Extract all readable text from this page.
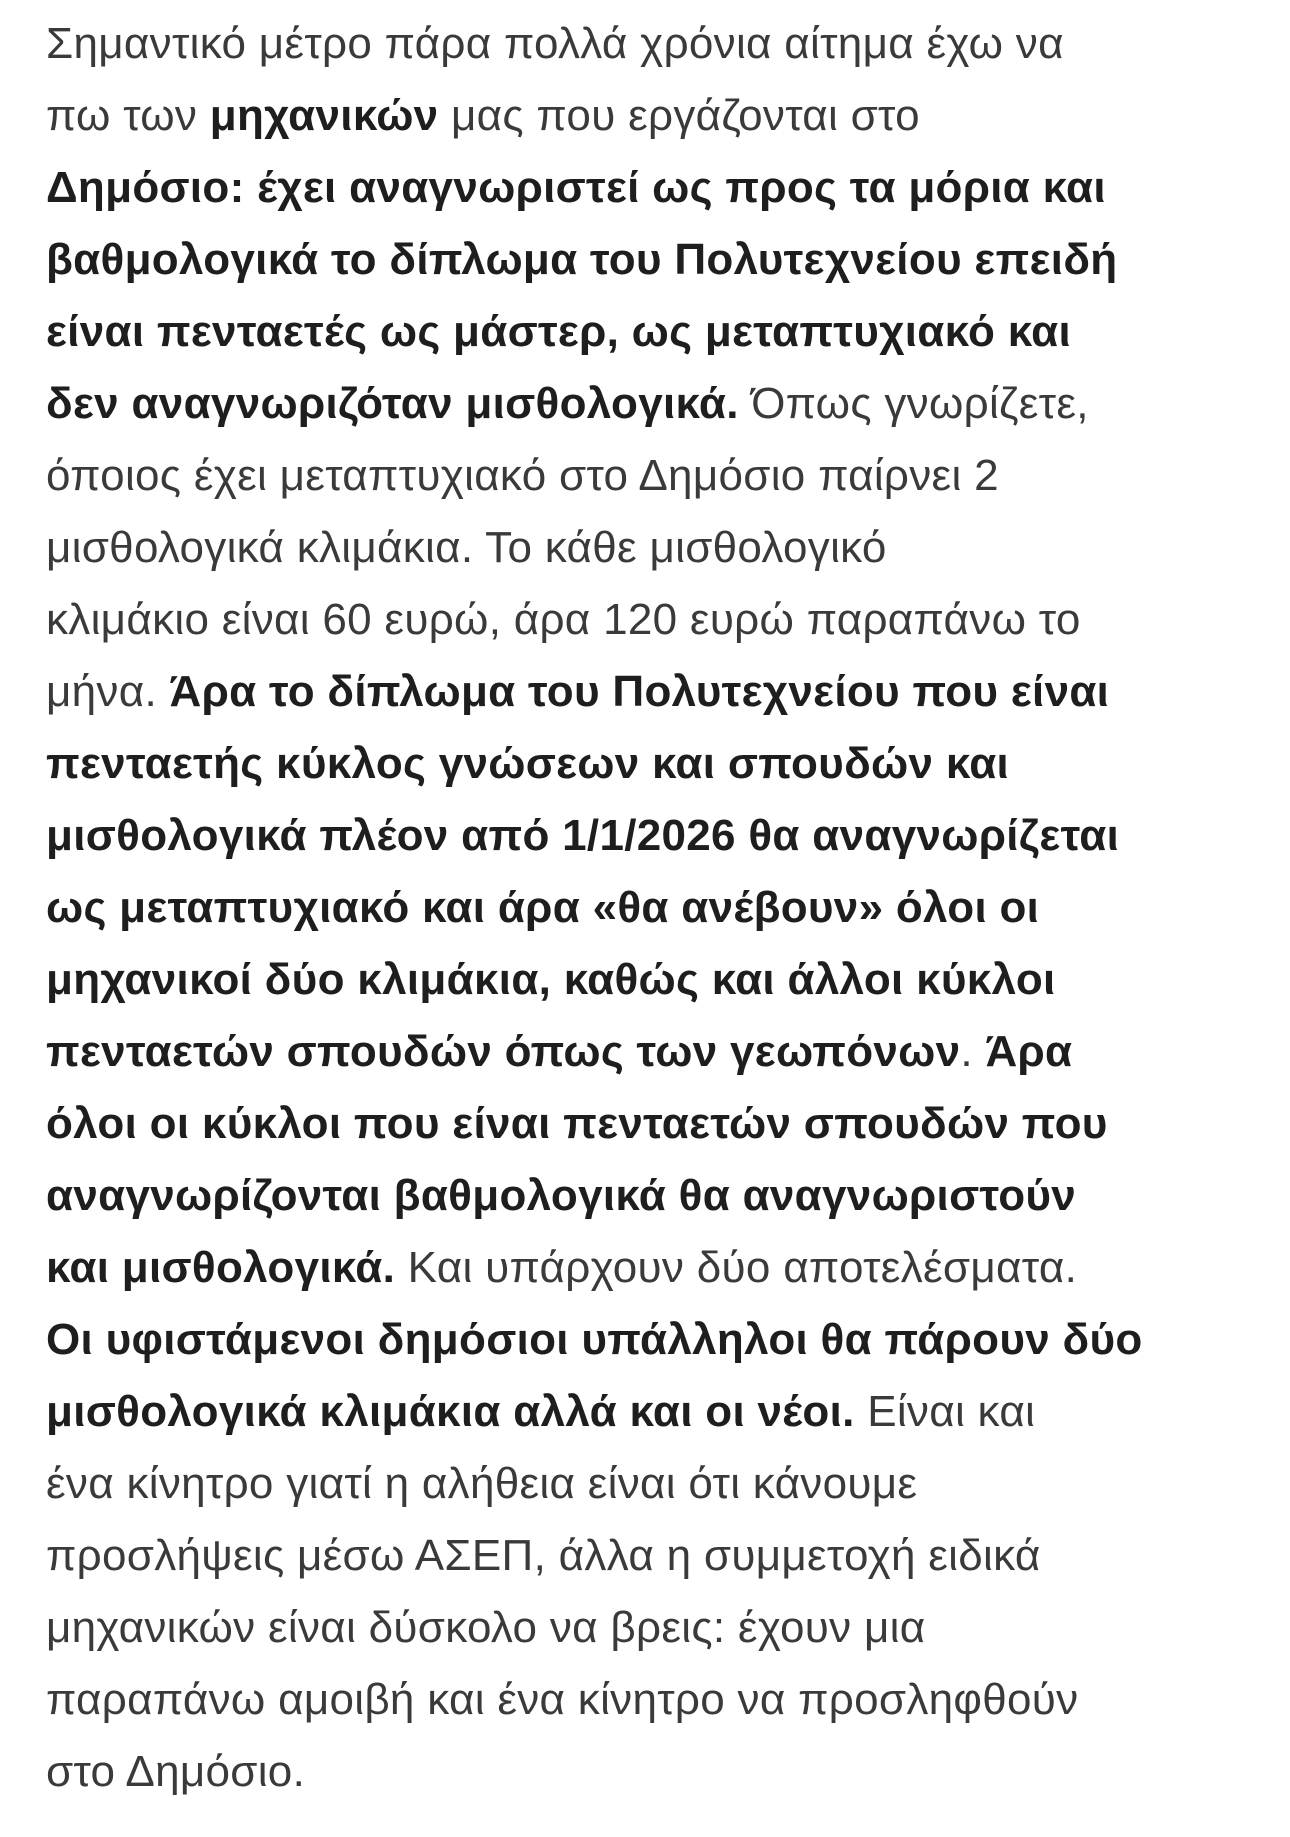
Σημαντικό μέτρο πάρα πολλά χρόνια αίτημα έχω να
πω των μηχανικών μας που εργάζονται στο
Δημόσιο: έχει αναγνωριστεί ως προς τα μόρια και
βαθμολογικά το δίπλωμα του Πολυτεχνείου επειδή
είναι πενταετές ως μάστερ, ως μεταπτυχιακό και
δεν αναγνωριζόταν μισθολογικά. Όπως γνωρίζετε,
όποιος έχει μεταπτυχιακό στο Δημόσιο παίρνει 2
μισθολογικά κλιμάκια. Το κάθε μισθολογικό
κλιμάκιο είναι 60 ευρώ, άρα 120 ευρώ παραπάνω το
μήνα. Άρα το δίπλωμα του Πολυτεχνείου που είναι
πενταετής κύκλος γνώσεων και σπουδών και
μισθολογικά πλέον από 1/1/2026 θα αναγνωρίζεται
ως μεταπτυχιακό και άρα «θα ανέβουν» όλοι οι
μηχανικοί δύο κλιμάκια, καθώς και άλλοι κύκλοι
πενταετών σπουδών όπως των γεωπόνων. Άρα
όλοι οι κύκλοι που είναι πενταετών σπουδών που
αναγνωρίζονται βαθμολογικά θα αναγνωριστούν
και μισθολογικά. Και υπάρχουν δύο αποτελέσματα.
Οι υφιστάμενοι δημόσιοι υπάλληλοι θα πάρουν δύο
μισθολογικά κλιμάκια αλλά και οι νέοι. Είναι και
ένα κίνητρο γιατί η αλήθεια είναι ότι κάνουμε
προσλήψεις μέσω ΑΣΕΠ, άλλα η συμμετοχή ειδικά
μηχανικών είναι δύσκολο να βρεις: έχουν μια
παραπάνω αμοιβή και ένα κίνητρο να προσληφθούν
στο Δημόσιο.
